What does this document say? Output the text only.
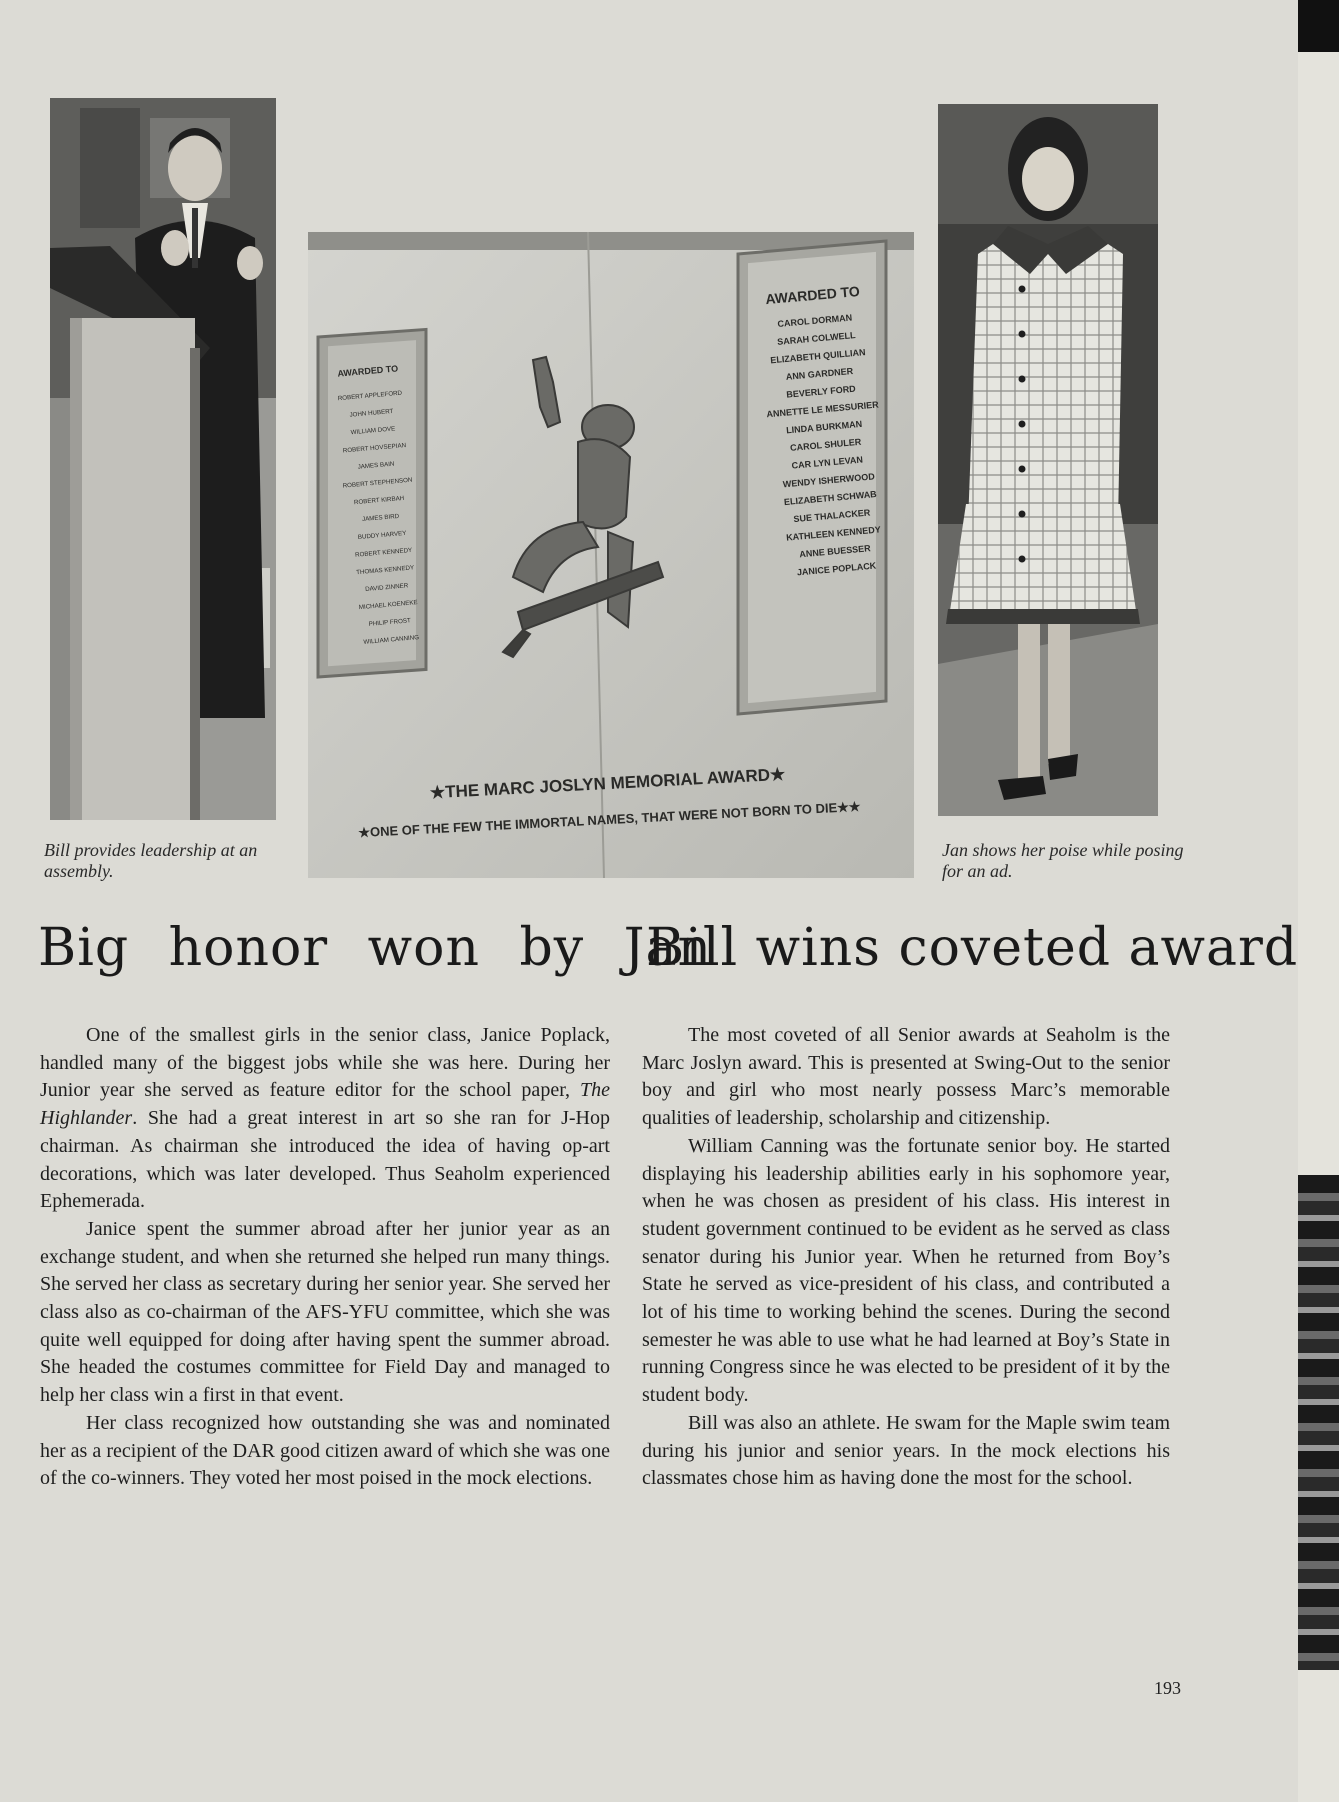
Bill provides leadership at an assembly.
★THE MARC JOSLYN MEMORIAL AWARD★
★ONE OF THE FEW THE IMMORTAL NAMES, THAT WERE NOT BORN TO DIE★★
AWARDED TO
ROBERT APPLEFORD
JOHN HUBERT
WILLIAM DOVE
ROBERT HOVSEPIAN
JAMES BAIN
ROBERT STEPHENSON
ROBERT KIRBAH
JAMES BIRD
BUDDY HARVEY
ROBERT KENNEDY
THOMAS KENNEDY
DAVID ZINNER
MICHAEL KOENEKE
PHILIP FROST
WILLIAM CANNING
AWARDED TO
CAROL DORMAN
SARAH COLWELL
ELIZABETH QUILLIAN
ANN GARDNER
BEVERLY FORD
ANNETTE LE MESSURIER
LINDA BURKMAN
CAROL SHULER
CAR LYN LEVAN
WENDY ISHERWOOD
ELIZABETH SCHWAB
SUE THALACKER
KATHLEEN KENNEDY
ANNE BUESSER
JANICE POPLACK
Jan shows her poise while posing for an ad.
Big honor won by Jan
Bill wins coveted award

One of the smallest girls in the senior class, Janice Poplack, handled many of the biggest jobs while she was here. During her Junior year she served as feature editor for the school paper, The Highlander. She had a great interest in art so she ran for J-Hop chairman. As chairman she introduced the idea of having op-art decorations, which was later developed. Thus Seaholm experienced Ephemerada.

Janice spent the summer abroad after her junior year as an exchange student, and when she returned she helped run many things. She served her class as secretary during her senior year. She served her class also as co-chairman of the AFS-YFU committee, which she was quite well equipped for doing after having spent the summer abroad. She headed the costumes committee for Field Day and managed to help her class win a first in that event.

Her class recognized how outstanding she was and nominated her as a recipient of the DAR good citizen award of which she was one of the co-winners. They voted her most poised in the mock elections.

The most coveted of all Senior awards at Seaholm is the Marc Joslyn award. This is presented at Swing-Out to the senior boy and girl who most nearly possess Marc’s memorable qualities of leadership, scholarship and citizenship.

William Canning was the fortunate senior boy. He started displaying his leadership abilities early in his sophomore year, when he was chosen as president of his class. His interest in student government continued to be evident as he served as class senator during his Junior year. When he returned from Boy’s State he served as vice-president of his class, and contributed a lot of his time to working behind the scenes. During the second semester he was able to use what he had learned at Boy’s State in running Congress since he was elected to be president of it by the student body.

Bill was also an athlete. He swam for the Maple swim team during his junior and senior years. In the mock elections his classmates chose him as having done the most for the school.

193
